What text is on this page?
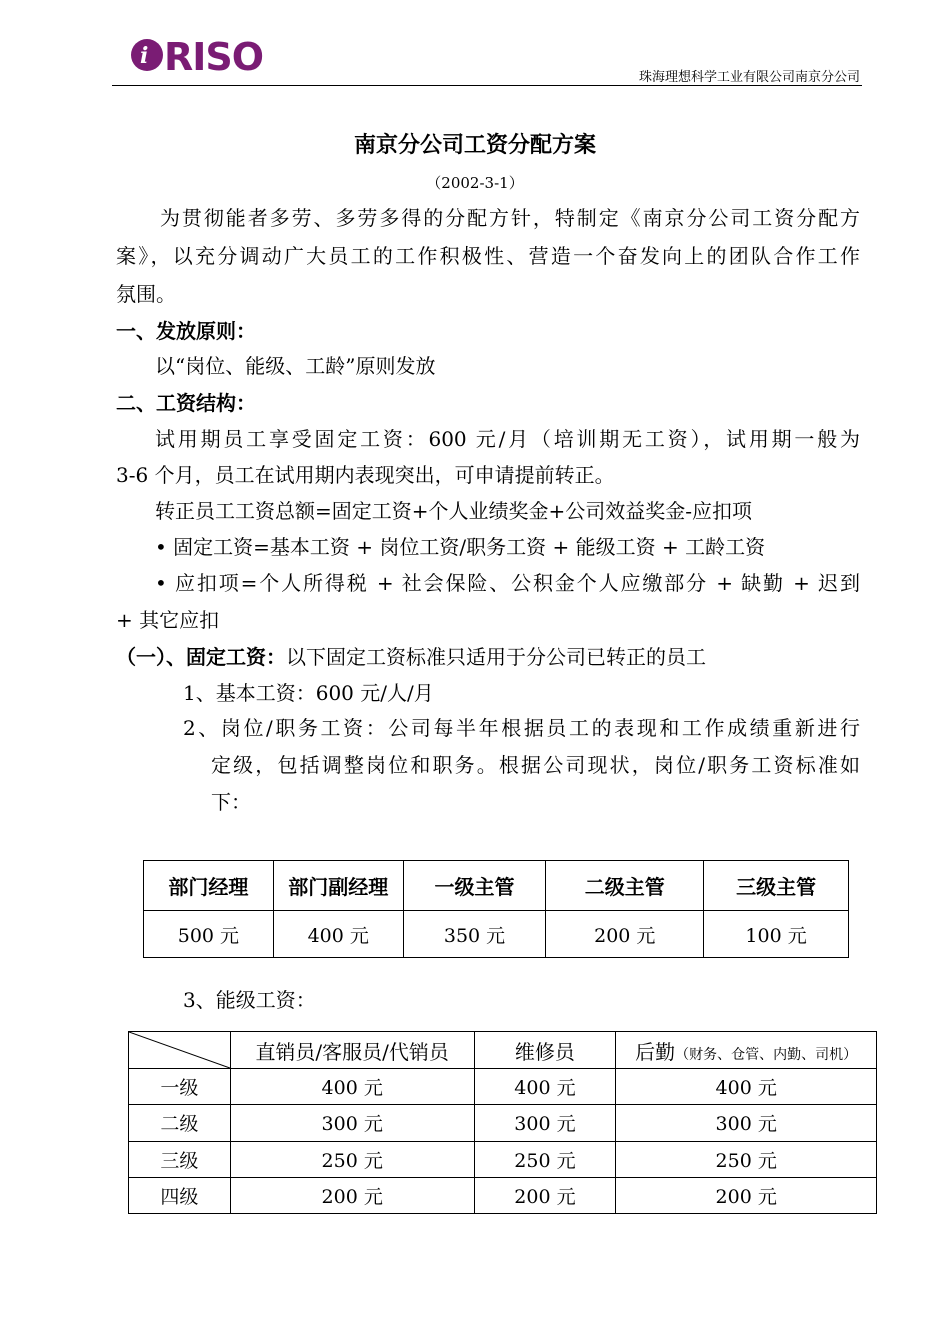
i RISO	珠海理想科学工业有限公司南京分公司
南京分公司工资分配方案
（2002-3-1）
为贯彻能者多劳、多劳多得的分配方针，特制定《南京分公司工资分配方
案》，以充分调动广大员工的工作积极性、营造一个奋发向上的团队合作工作
氛围。
一、发放原则：
以“岗位、能级、工龄”原则发放
二、工资结构：
试用期员工享受固定工资：600 元/月（培训期无工资），试用期一般为
3-6 个月，员工在试用期内表现突出，可申请提前转正。
转正员工工资总额=固定工资+个人业绩奖金+公司效益奖金-应扣项
• 固定工资=基本工资 + 岗位工资/职务工资 + 能级工资 + 工龄工资
• 应扣项=个人所得税 + 社会保险、公积金个人应缴部分 + 缺勤 + 迟到
+ 其它应扣
（一）、固定工资：以下固定工资标准只适用于分公司已转正的员工
1、基本工资：600 元/人/月
2、岗位/职务工资：公司每半年根据员工的表现和工作成绩重新进行
定级，包括调整岗位和职务。根据公司现状，岗位/职务工资标准如
下：
部门经理	部门副经理	一级主管	二级主管	三级主管
500 元	400 元	350 元	200 元	100 元
3、能级工资：
	直销员/客服员/代销员	维修员	后勤（财务、仓管、内勤、司机）
一级	400 元	400 元	400 元
二级	300 元	300 元	300 元
三级	250 元	250 元	250 元
四级	200 元	200 元	200 元
